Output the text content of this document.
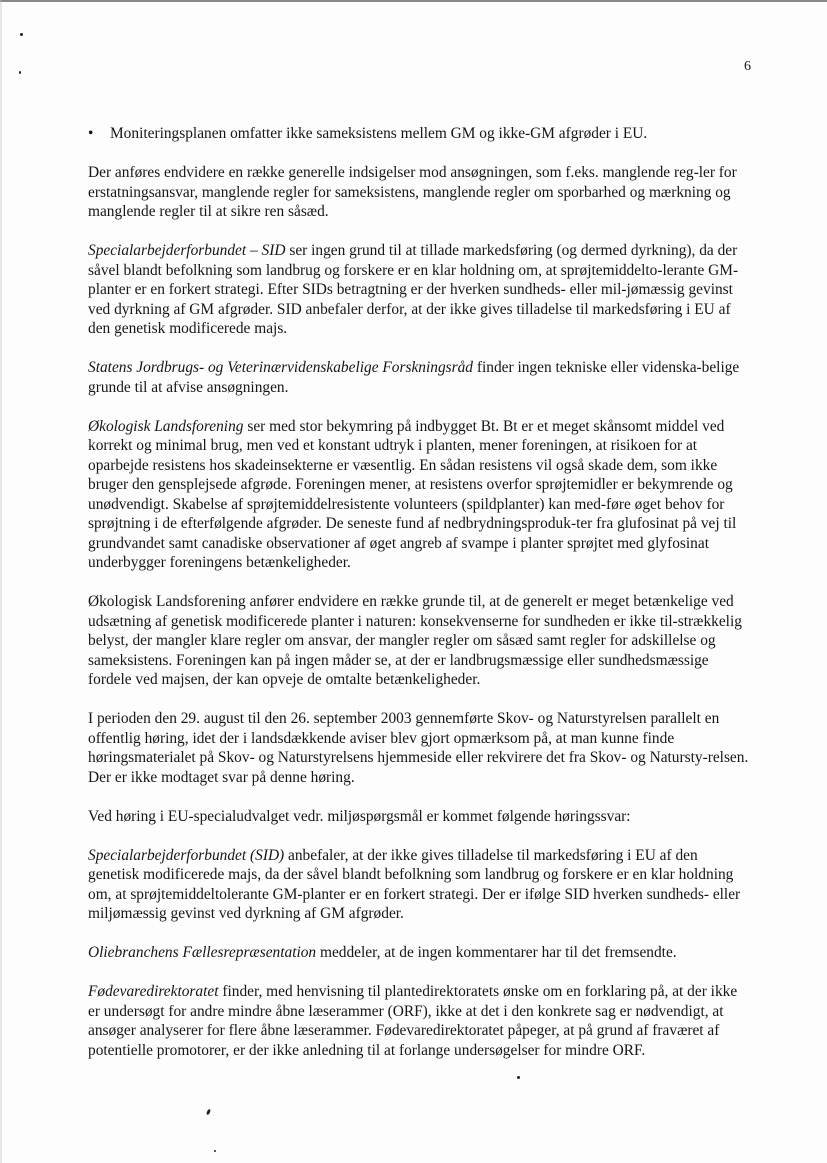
6
• Moniteringsplanen omfatter ikke sameksistens mellem GM og ikke-GM afgrøder i EU.

Der anføres endvidere en række generelle indsigelser mod ansøgningen, som f.eks. manglende reg-ler for erstatningsansvar, manglende regler for sameksistens, manglende regler om sporbarhed og mærkning og manglende regler til at sikre ren såsæd.

Specialarbejderforbundet – SID ser ingen grund til at tillade markedsføring (og dermed dyrkning), da der såvel blandt befolkning som landbrug og forskere er en klar holdning om, at sprøjtemiddelto-lerante GM-planter er en forkert strategi. Efter SIDs betragtning er der hverken sundheds- eller mil-jømæssig gevinst ved dyrkning af GM afgrøder. SID anbefaler derfor, at der ikke gives tilladelse til markedsføring i EU af den genetisk modificerede majs.

Statens Jordbrugs- og Veterinærvidenskabelige Forskningsråd finder ingen tekniske eller videnska-belige grunde til at afvise ansøgningen.

Økologisk Landsforening ser med stor bekymring på indbygget Bt. Bt er et meget skånsomt middel ved korrekt og minimal brug, men ved et konstant udtryk i planten, mener foreningen, at risikoen for at oparbejde resistens hos skadeinsekterne er væsentlig. En sådan resistens vil også skade dem, som ikke bruger den gensplejsede afgrøde. Foreningen mener, at resistens overfor sprøjtemidler er bekymrende og unødvendigt. Skabelse af sprøjtemiddelresistente volunteers (spildplanter) kan med-føre øget behov for sprøjtning i de efterfølgende afgrøder. De seneste fund af nedbrydningsproduk-ter fra glufosinat på vej til grundvandet samt canadiske observationer af øget angreb af svampe i planter sprøjtet med glyfosinat underbygger foreningens betænkeligheder.

Økologisk Landsforening anfører endvidere en række grunde til, at de generelt er meget betænkelige ved udsætning af genetisk modificerede planter i naturen: konsekvenserne for sundheden er ikke til-strækkelig belyst, der mangler klare regler om ansvar, der mangler regler om såsæd samt regler for adskillelse og sameksistens. Foreningen kan på ingen måder se, at der er landbrugsmæssige eller sundhedsmæssige fordele ved majsen, der kan opveje de omtalte betænkeligheder.

I perioden den 29. august til den 26. september 2003 gennemførte Skov- og Naturstyrelsen parallelt en offentlig høring, idet der i landsdækkende aviser blev gjort opmærksom på, at man kunne finde høringsmaterialet på Skov- og Naturstyrelsens hjemmeside eller rekvirere det fra Skov- og Natursty-relsen. Der er ikke modtaget svar på denne høring.

Ved høring i EU-specialudvalget vedr. miljøspørgsmål er kommet følgende høringssvar:

Specialarbejderforbundet (SID) anbefaler, at der ikke gives tilladelse til markedsføring i EU af den genetisk modificerede majs, da der såvel blandt befolkning som landbrug og forskere er en klar holdning om, at sprøjtemiddeltolerante GM-planter er en forkert strategi. Der er ifølge SID hverken sundheds- eller miljømæssig gevinst ved dyrkning af GM afgrøder.

Oliebranchens Fællesrepræsentation meddeler, at de ingen kommentarer har til det fremsendte.

Fødevaredirektoratet finder, med henvisning til plantedirektoratets ønske om en forklaring på, at der ikke er undersøgt for andre mindre åbne læserammer (ORF), ikke at det i den konkrete sag er nødvendigt, at ansøger analyserer for flere åbne læserammer. Fødevaredirektoratet påpeger, at på grund af fraværet af potentielle promotorer, er der ikke anledning til at forlange undersøgelser for mindre ORF.
